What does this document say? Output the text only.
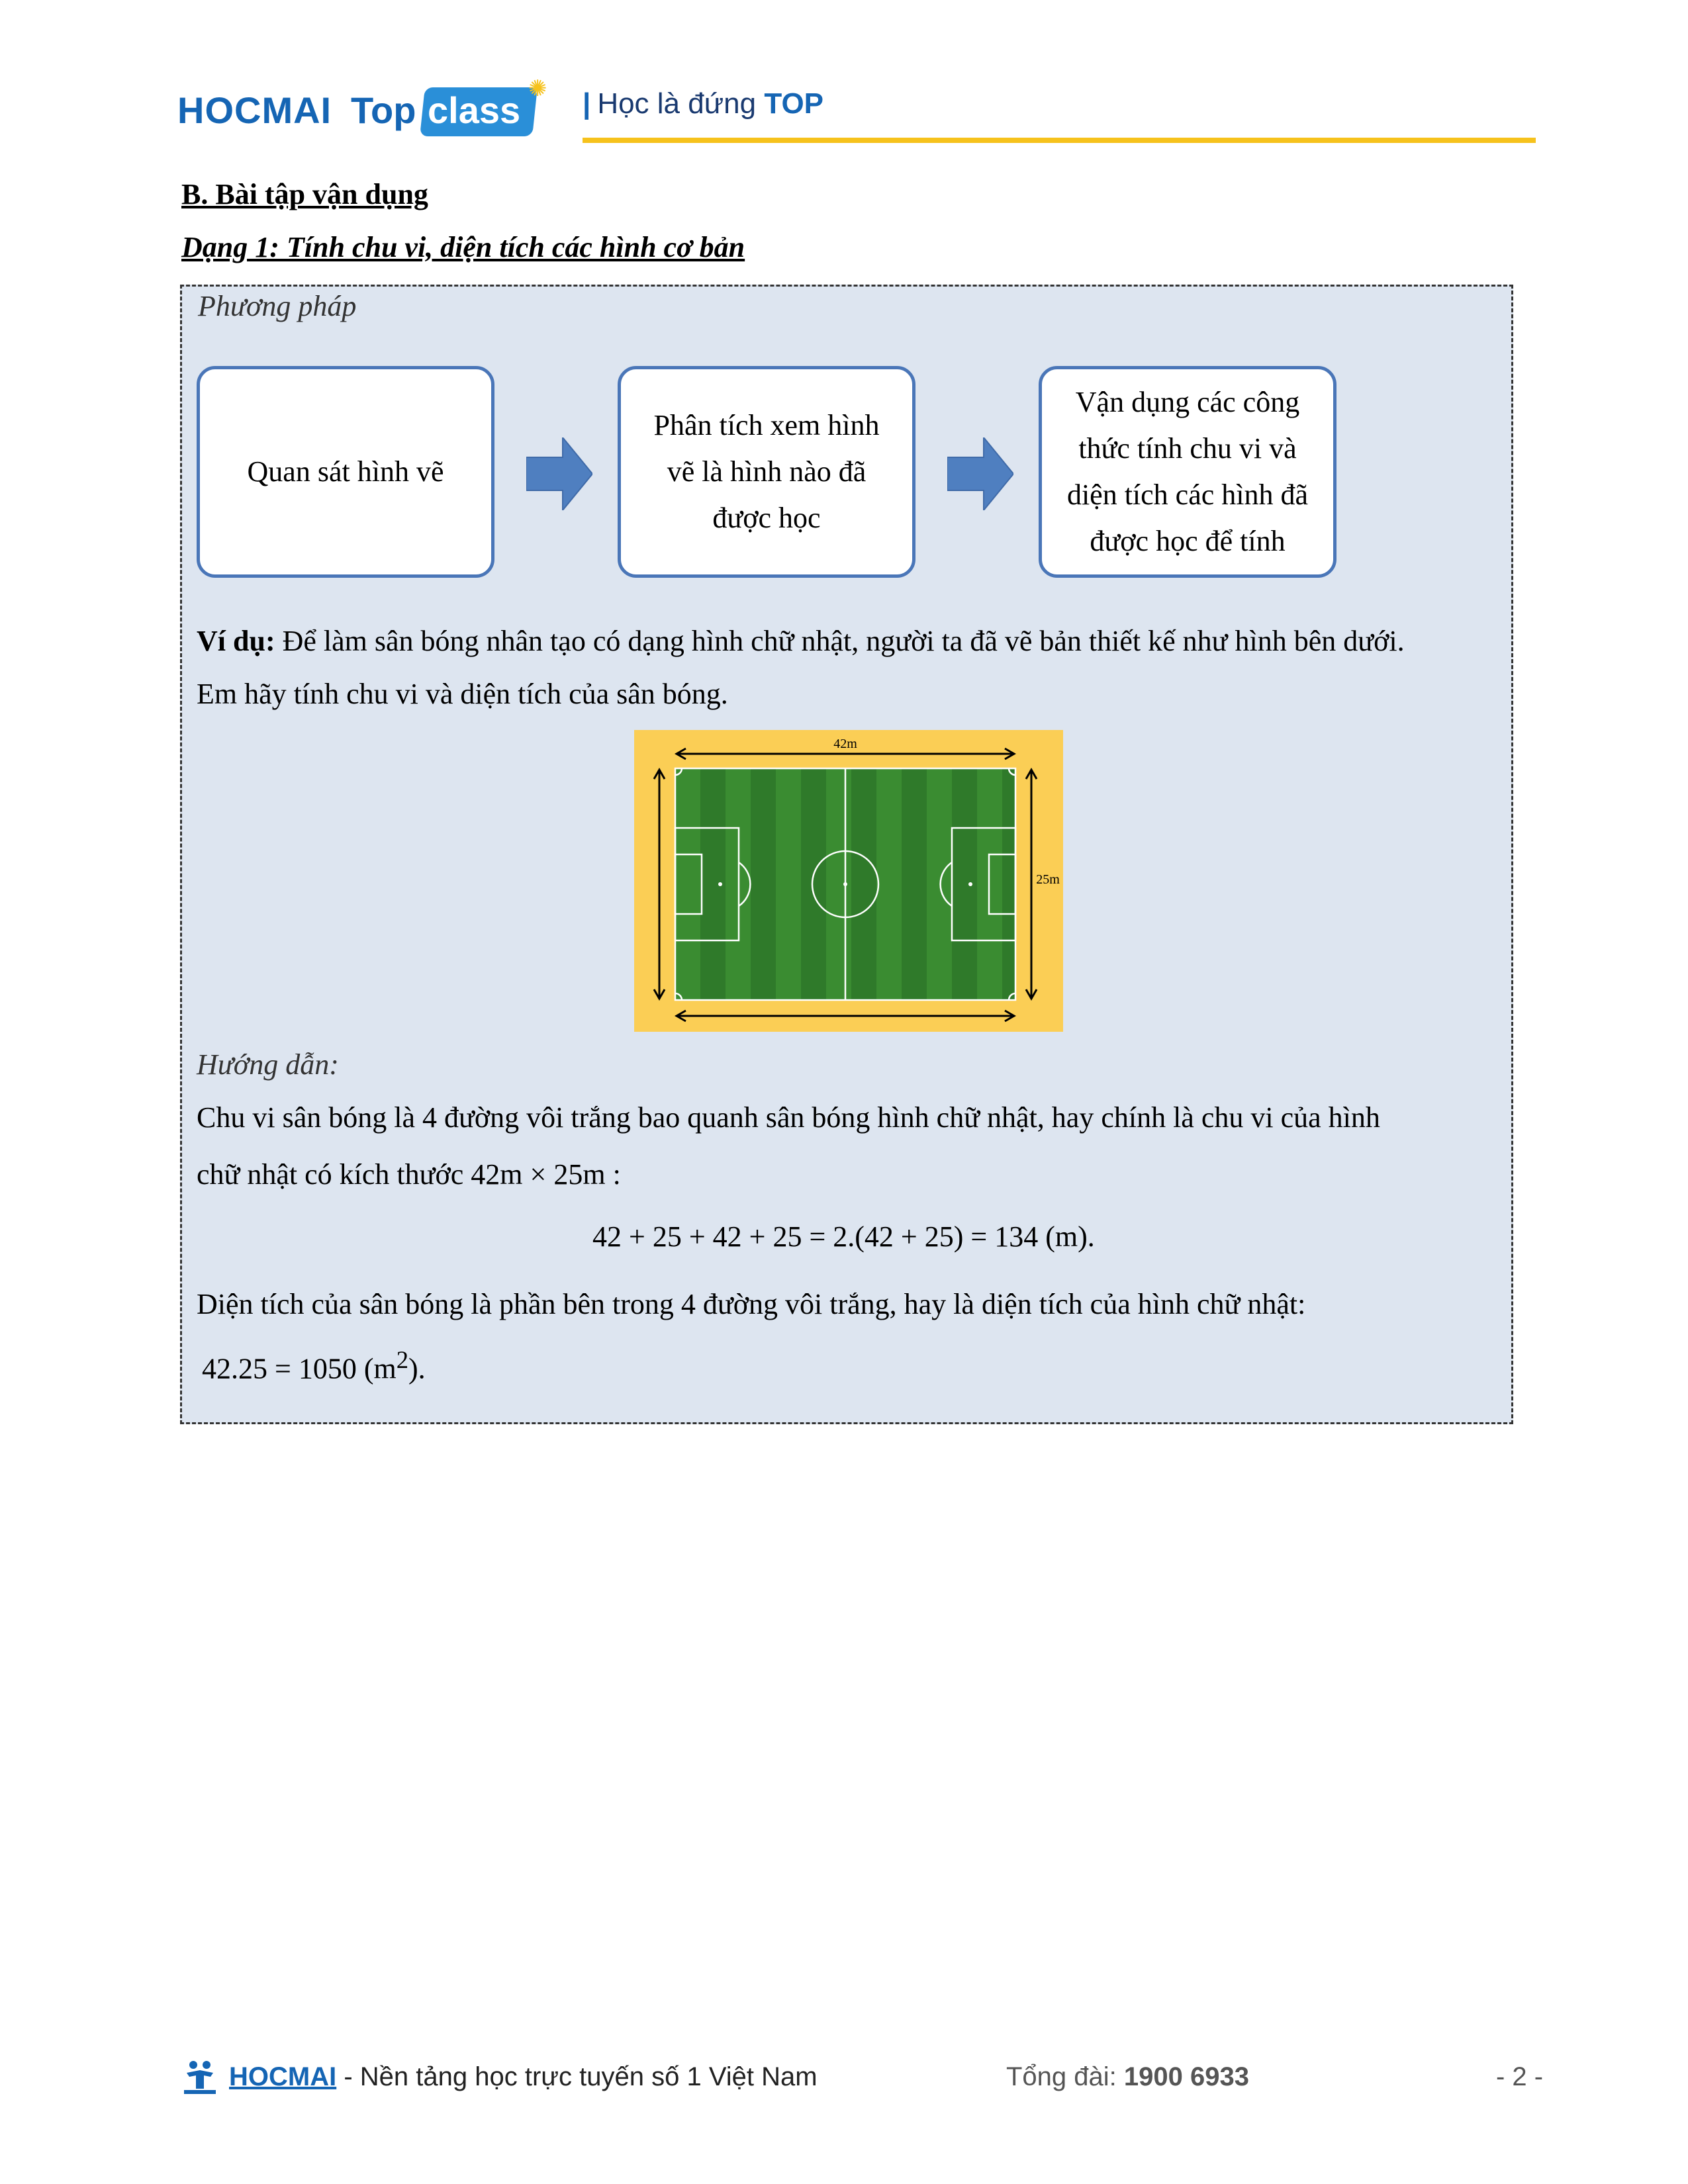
HOCMAI Top class
✺ | Học là đứng TOP
B. Bài tập vận dụng
Dạng 1: Tính chu vi, diện tích các hình cơ bản
Phương pháp
Quan sát hình vẽ
Phân tích xem hình vẽ là hình nào đã được học
Vận dụng các công thức tính chu vi và diện tích các hình đã được học để tính
Ví dụ: Để làm sân bóng nhân tạo có dạng hình chữ nhật, người ta đã vẽ bản thiết kế như hình bên dưới.
Em hãy tính chu vi và diện tích của sân bóng.
42m
25m
Hướng dẫn:
Chu vi sân bóng là 4 đường vôi trắng bao quanh sân bóng hình chữ nhật, hay chính là chu vi của hình
chữ nhật có kích thước 42m × 25m :
42 + 25 + 42 + 25 = 2.(42 + 25) = 134 (m).
Diện tích của sân bóng là phần bên trong 4 đường vôi trắng, hay là diện tích của hình chữ nhật:
42.25 = 1050 $(m^2)$.
HOCMAI - Nền tảng học trực tuyến số 1 Việt Nam	Tổng đài: 1900 6933	- 2 -
